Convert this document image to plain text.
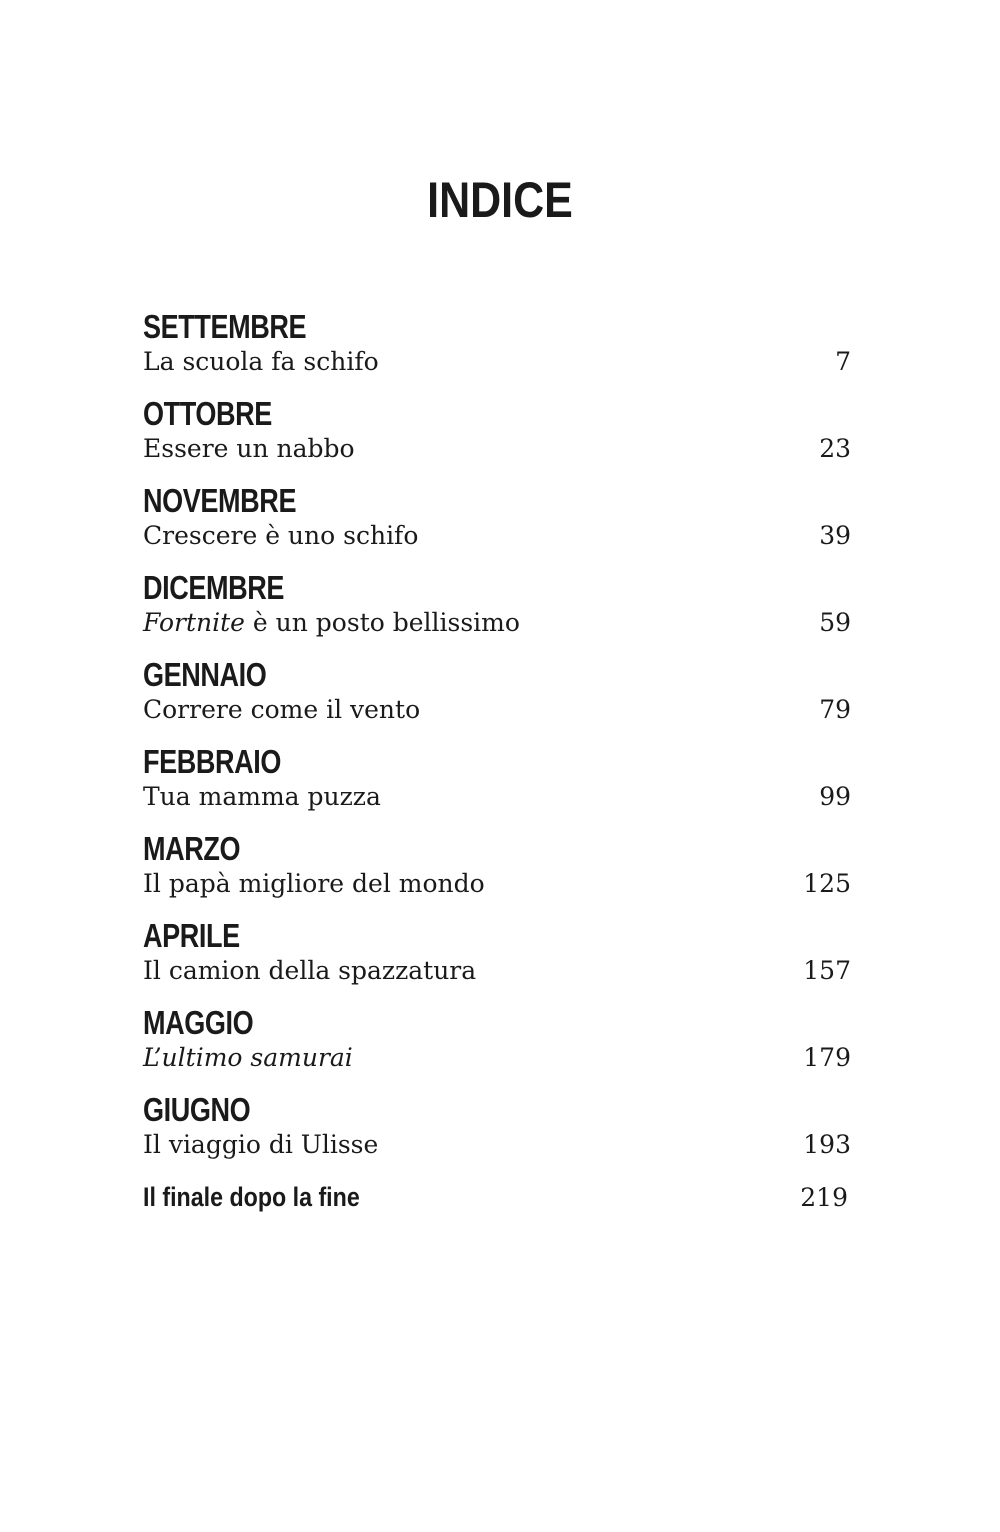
INDICE
SETTEMBRE
La scuola fa schifo	7
OTTOBRE
Essere un nabbo	23
NOVEMBRE
Crescere è uno schifo	39
DICEMBRE
Fortnite è un posto bellissimo	59
GENNAIO
Correre come il vento	79
FEBBRAIO
Tua mamma puzza	99
MARZO
Il papà migliore del mondo	125
APRILE
Il camion della spazzatura	157
MAGGIO
L’ultimo samurai	179
GIUGNO
Il viaggio di Ulisse	193
Il finale dopo la fine	219
